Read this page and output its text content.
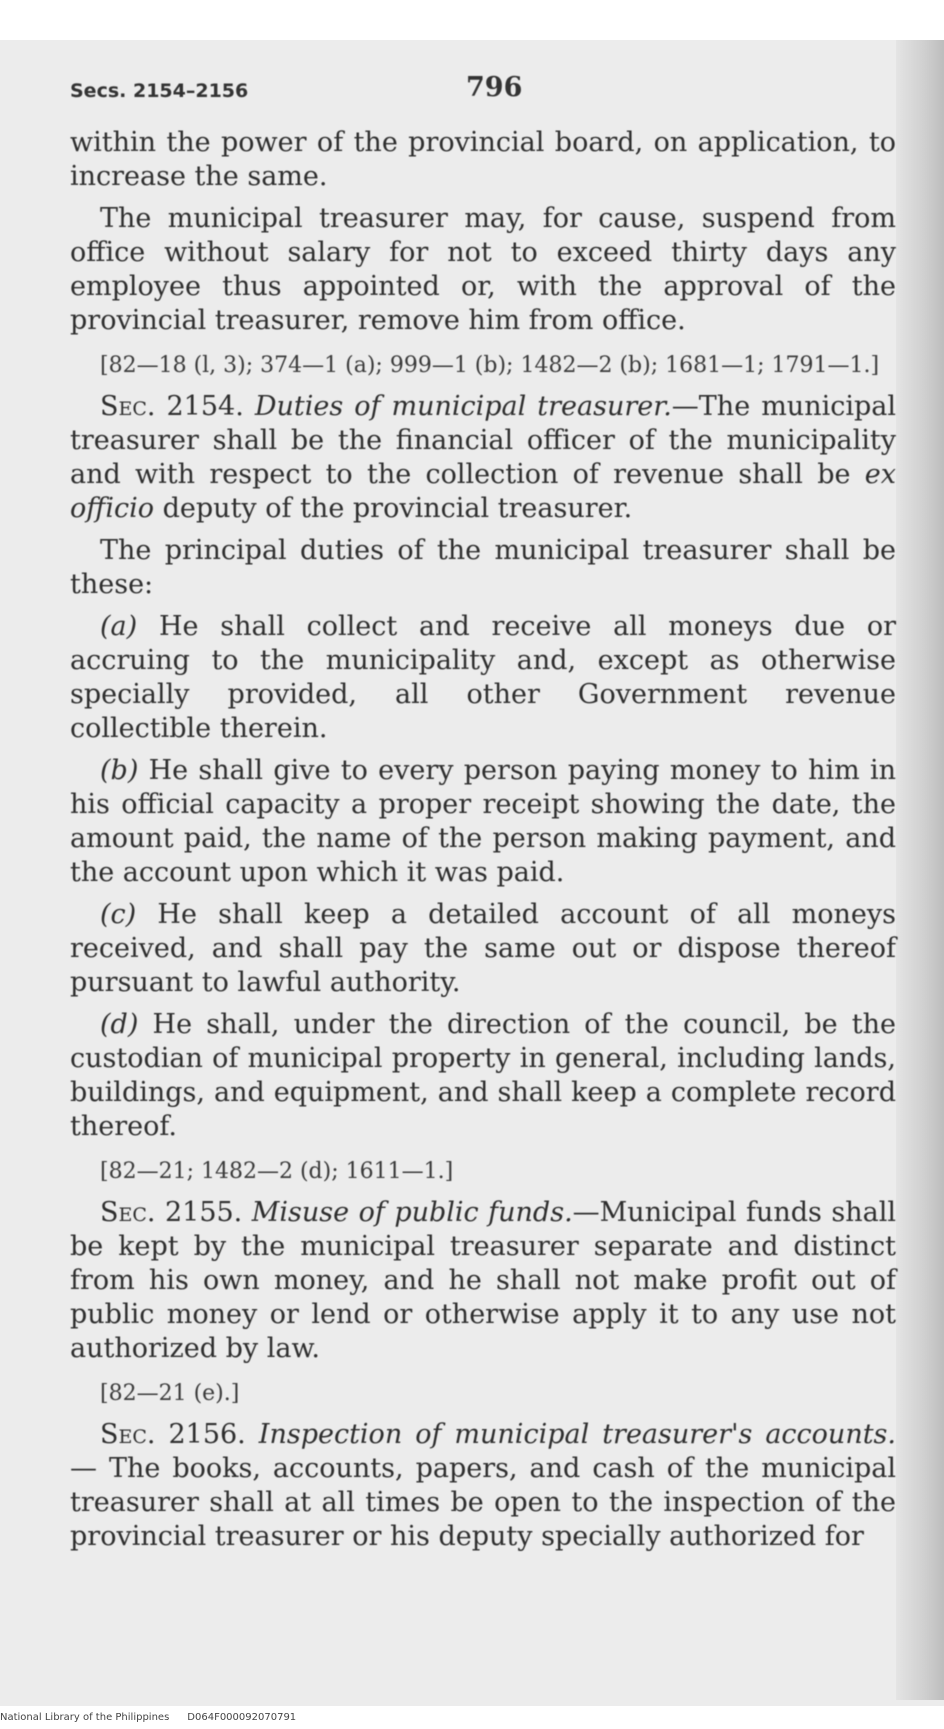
Secs. 2154–2156	796

within the power of the provincial board, on application, to increase the same.

The municipal treasurer may, for cause, suspend from office without salary for not to exceed thirty days any employee thus appointed or, with the approval of the provincial treasurer, remove him from office.

[82—18 (l, 3); 374—1 (a); 999—1 (b); 1482—2 (b); 1681—1; 1791—1.]

Sec. 2154. Duties of municipal treasurer.—The municipal treasurer shall be the financial officer of the municipality and with respect to the collection of revenue shall be ex officio deputy of the provincial treasurer.

The principal duties of the municipal treasurer shall be these:

(a) He shall collect and receive all moneys due or accruing to the municipality and, except as otherwise specially provided, all other Government revenue collectible therein.

(b) He shall give to every person paying money to him in his official capacity a proper receipt showing the date, the amount paid, the name of the person making payment, and the account upon which it was paid.

(c) He shall keep a detailed account of all moneys received, and shall pay the same out or dispose thereof pursuant to lawful authority.

(d) He shall, under the direction of the council, be the custodian of municipal property in general, including lands, buildings, and equipment, and shall keep a complete record thereof.

[82—21; 1482—2 (d); 1611—1.]

Sec. 2155. Misuse of public funds.—Municipal funds shall be kept by the municipal treasurer separate and distinct from his own money, and he shall not make profit out of public money or lend or otherwise apply it to any use not authorized by law.

[82—21 (e).]

Sec. 2156. Inspection of municipal treasurer's accounts.— The books, accounts, papers, and cash of the municipal treasurer shall at all times be open to the inspection of the provincial treasurer or his deputy specially authorized for

National Library of the Philippines D064F000092070791
